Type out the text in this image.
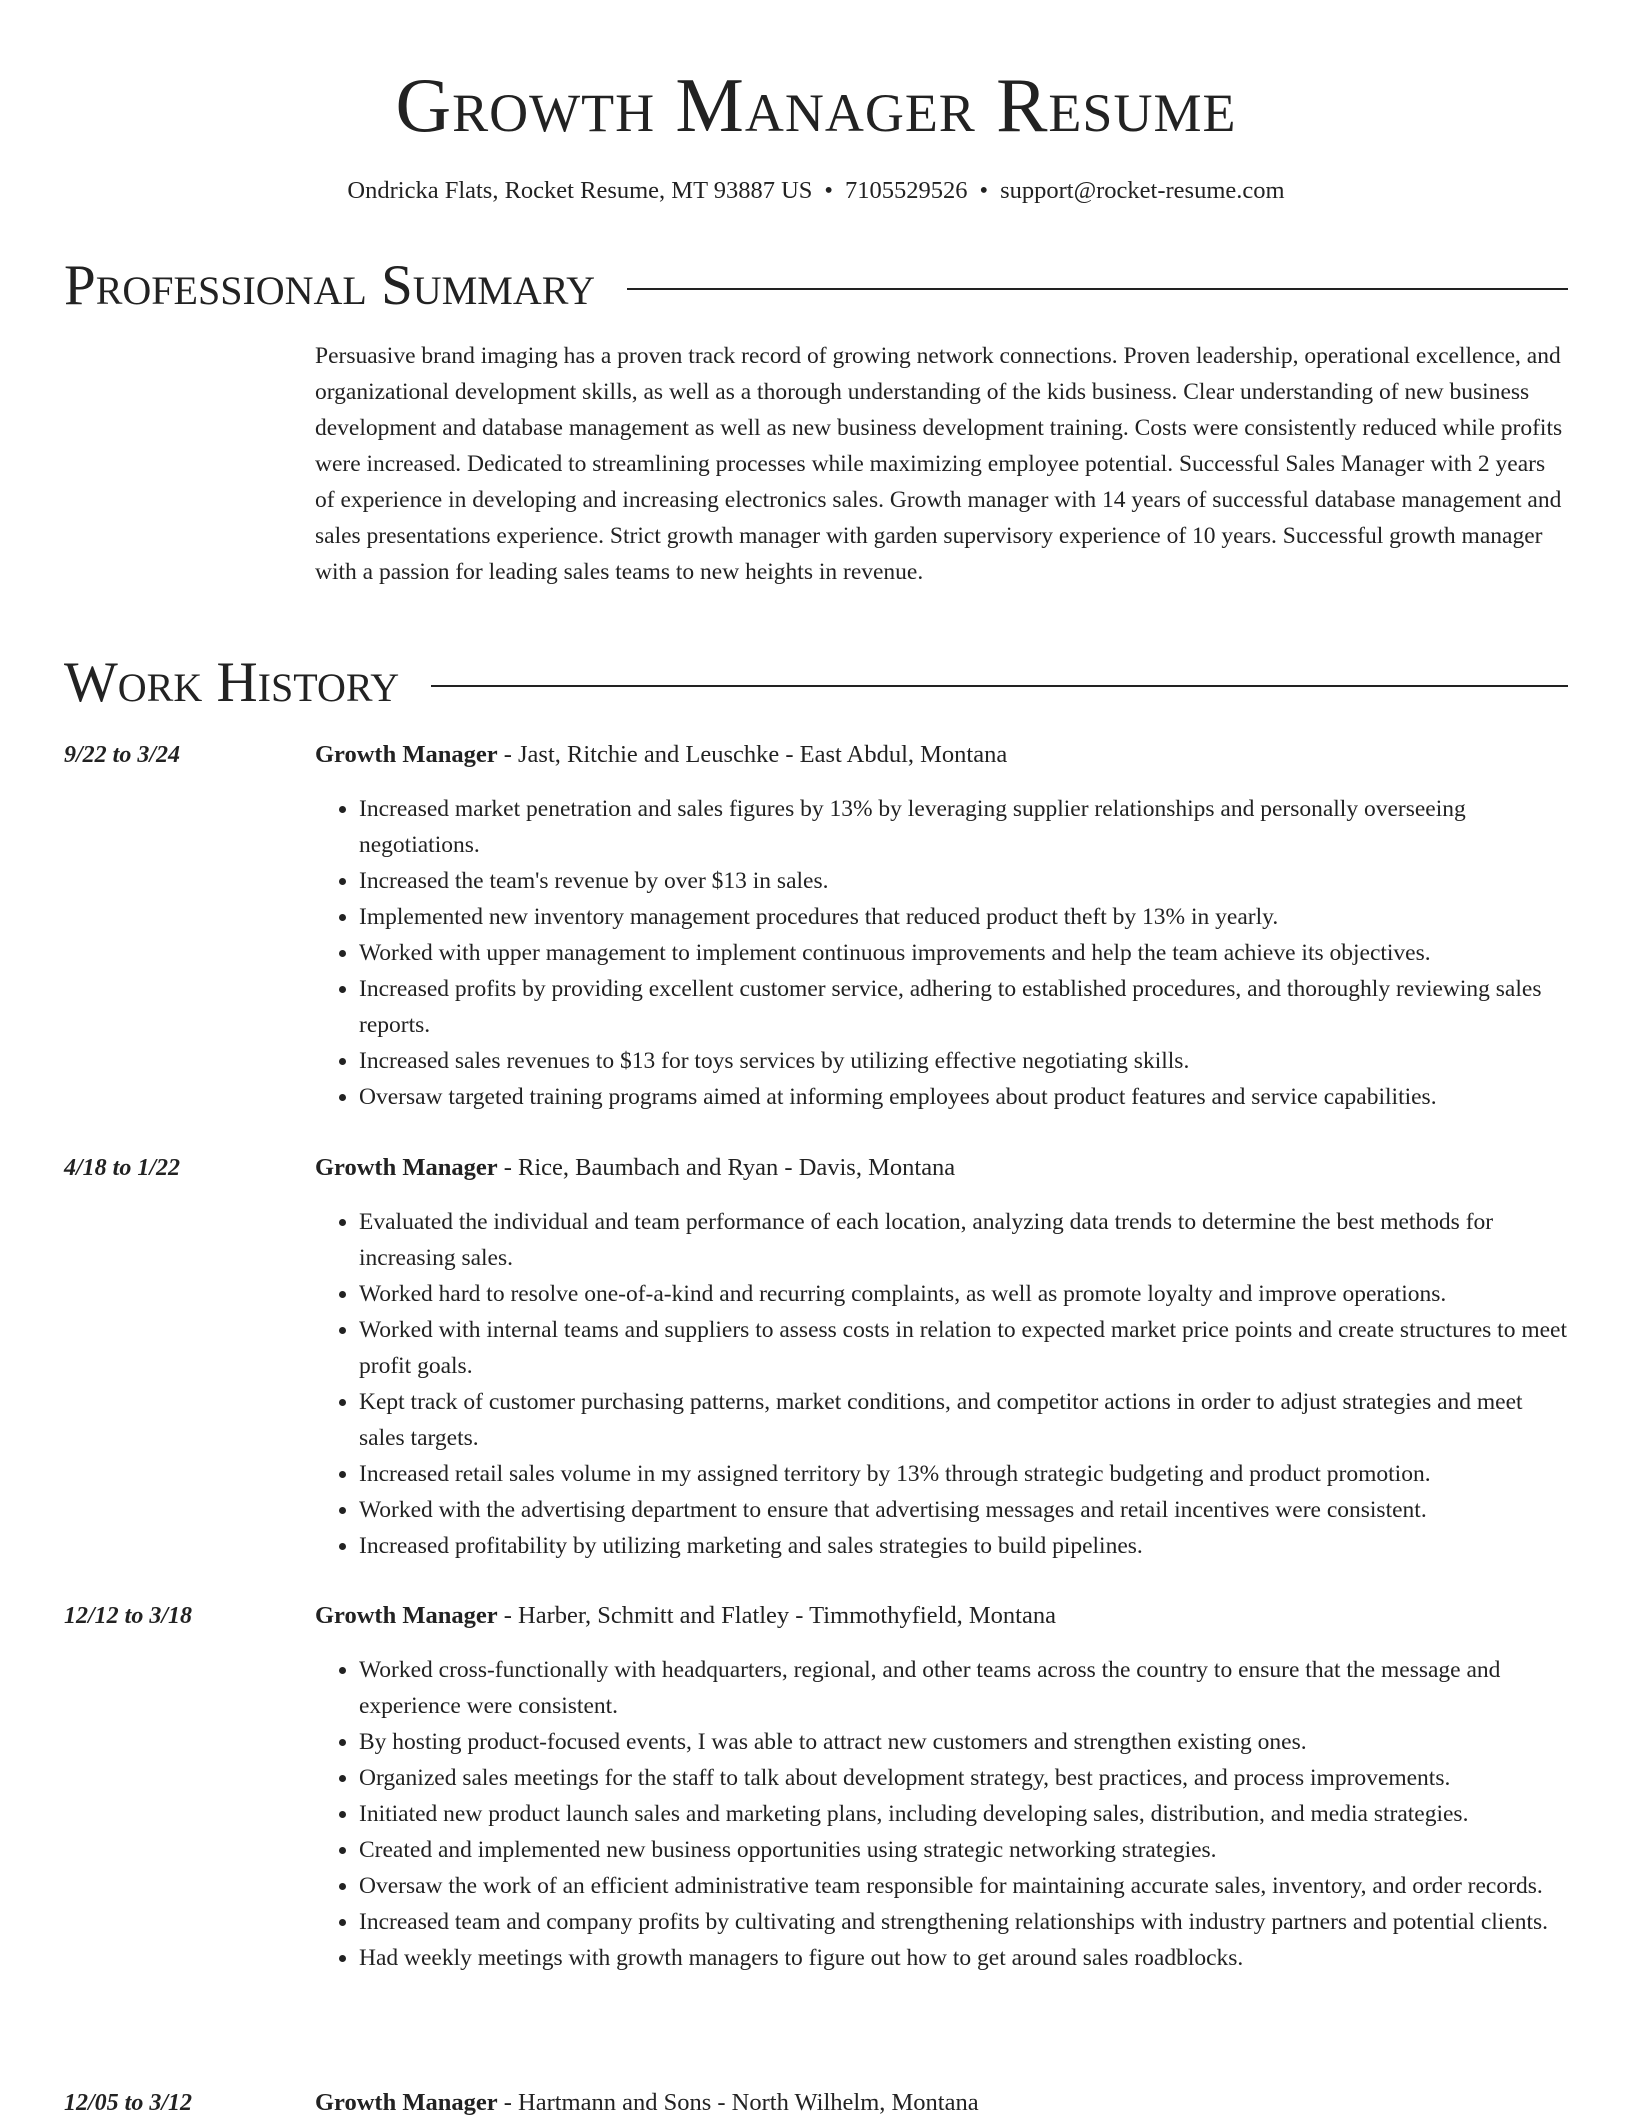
Growth Manager Resume
Ondricka Flats, Rocket Resume, MT 93887 US • 7105529526 • support@rocket-resume.com
Professional Summary

Persuasive brand imaging has a proven track record of growing network connections. Proven leadership, operational excellence, and organizational development skills, as well as a thorough understanding of the kids business. Clear understanding of new business development and database management as well as new business development training. Costs were consistently reduced while profits were increased. Dedicated to streamlining processes while maximizing employee potential. Successful Sales Manager with 2 years of experience in developing and increasing electronics sales. Growth manager with 14 years of successful database management and sales presentations experience. Strict growth manager with garden supervisory experience of 10 years. Successful growth manager with a passion for leading sales teams to new heights in revenue.

Work History
9/22 to 3/24	Growth Manager - Jast, Ritchie and Leuschke - East Abdul, Montana
• Increased market penetration and sales figures by 13% by leveraging supplier relationships and personally overseeing negotiations.
• Increased the team's revenue by over $13 in sales.
• Implemented new inventory management procedures that reduced product theft by 13% in yearly.
• Worked with upper management to implement continuous improvements and help the team achieve its objectives.
• Increased profits by providing excellent customer service, adhering to established procedures, and thoroughly reviewing sales reports.
• Increased sales revenues to $13 for toys services by utilizing effective negotiating skills.
• Oversaw targeted training programs aimed at informing employees about product features and service capabilities.
4/18 to 1/22	Growth Manager - Rice, Baumbach and Ryan - Davis, Montana
• Evaluated the individual and team performance of each location, analyzing data trends to determine the best methods for increasing sales.
• Worked hard to resolve one-of-a-kind and recurring complaints, as well as promote loyalty and improve operations.
• Worked with internal teams and suppliers to assess costs in relation to expected market price points and create structures to meet profit goals.
• Kept track of customer purchasing patterns, market conditions, and competitor actions in order to adjust strategies and meet sales targets.
• Increased retail sales volume in my assigned territory by 13% through strategic budgeting and product promotion.
• Worked with the advertising department to ensure that advertising messages and retail incentives were consistent.
• Increased profitability by utilizing marketing and sales strategies to build pipelines.
12/12 to 3/18	Growth Manager - Harber, Schmitt and Flatley - Timmothyfield, Montana
• Worked cross-functionally with headquarters, regional, and other teams across the country to ensure that the message and experience were consistent.
• By hosting product-focused events, I was able to attract new customers and strengthen existing ones.
• Organized sales meetings for the staff to talk about development strategy, best practices, and process improvements.
• Initiated new product launch sales and marketing plans, including developing sales, distribution, and media strategies.
• Created and implemented new business opportunities using strategic networking strategies.
• Oversaw the work of an efficient administrative team responsible for maintaining accurate sales, inventory, and order records.
• Increased team and company profits by cultivating and strengthening relationships with industry partners and potential clients.
• Had weekly meetings with growth managers to figure out how to get around sales roadblocks.
12/05 to 3/12	Growth Manager - Hartmann and Sons - North Wilhelm, Montana
